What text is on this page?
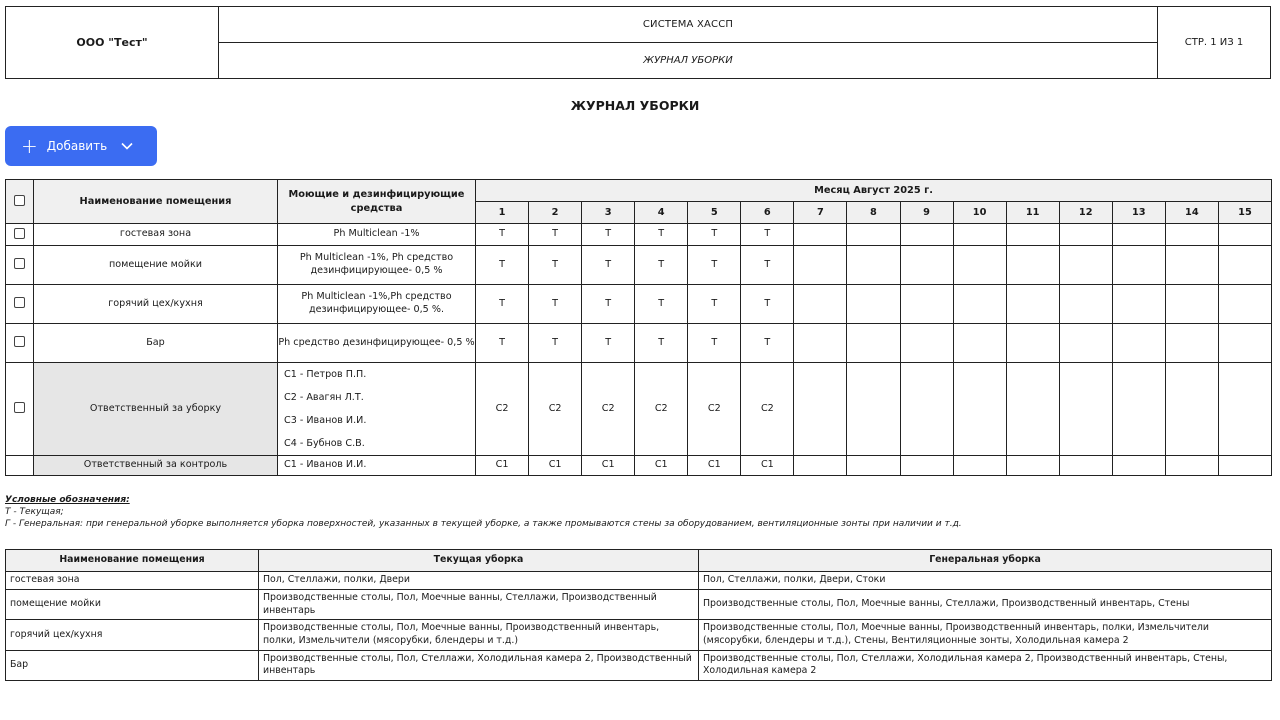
ООО "Тест"
СИСТЕМА ХАССП
ЖУРНАЛ УБОРКИ
СТР. 1 ИЗ 1
ЖУРНАЛ УБОРКИ
+ Добавить
	Наименование помещения	Моющие и дезинфицирующие средства	Месяц Август 2025 г.														
			1	2	3	4	5	6	7	8	9	10	11	12	13	14	15
	гостевая зона	Ph Multiclean -1%	Т	Т	Т	Т	Т	Т									
	помещение мойки	Ph Multiclean -1%, Ph средство дезинфицирующее- 0,5 %	Т	Т	Т	Т	Т	Т									
	горячий цех/кухня	Ph Multiclean -1%,Ph средство дезинфицирующее- 0,5 %.	Т	Т	Т	Т	Т	Т									
	Бар	Ph средство дезинфицирующее- 0,5 %	Т	Т	Т	Т	Т	Т									
	Ответственный за уборку	С1 - Петров П.П.
С2 - Авагян Л.Т.
С3 - Иванов И.И.
С4 - Бубнов С.В.	С2	С2	С2	С2	С2	С2									
	Ответственный за контроль	С1 - Иванов И.И.	С1	С1	С1	С1	С1	С1									
Условные обозначения:
Т - Текущая;
Г - Генеральная: при генеральной уборке выполняется уборка поверхностей, указанных в текущей уборке, а также промываются стены за оборудованием, вентиляционные зонты при наличии и т.д.
Наименование помещения	Текущая уборка	Генеральная уборка
гостевая зона	Пол, Стеллажи, полки, Двери	Пол, Стеллажи, полки, Двери, Стоки
помещение мойки	Производственные столы, Пол, Моечные ванны, Стеллажи, Производственный инвентарь	Производственные столы, Пол, Моечные ванны, Стеллажи, Производственный инвентарь, Стены
горячий цех/кухня	Производственные столы, Пол, Моечные ванны, Производственный инвентарь, полки, Измельчители (мясорубки, блендеры и т.д.)	Производственные столы, Пол, Моечные ванны, Производственный инвентарь, полки, Измельчители (мясорубки, блендеры и т.д.), Стены, Вентиляционные зонты, Холодильная камера 2
Бар	Производственные столы, Пол, Стеллажи, Холодильная камера 2, Производственный инвентарь	Производственные столы, Пол, Стеллажи, Холодильная камера 2, Производственный инвентарь, Стены, Холодильная камера 2
